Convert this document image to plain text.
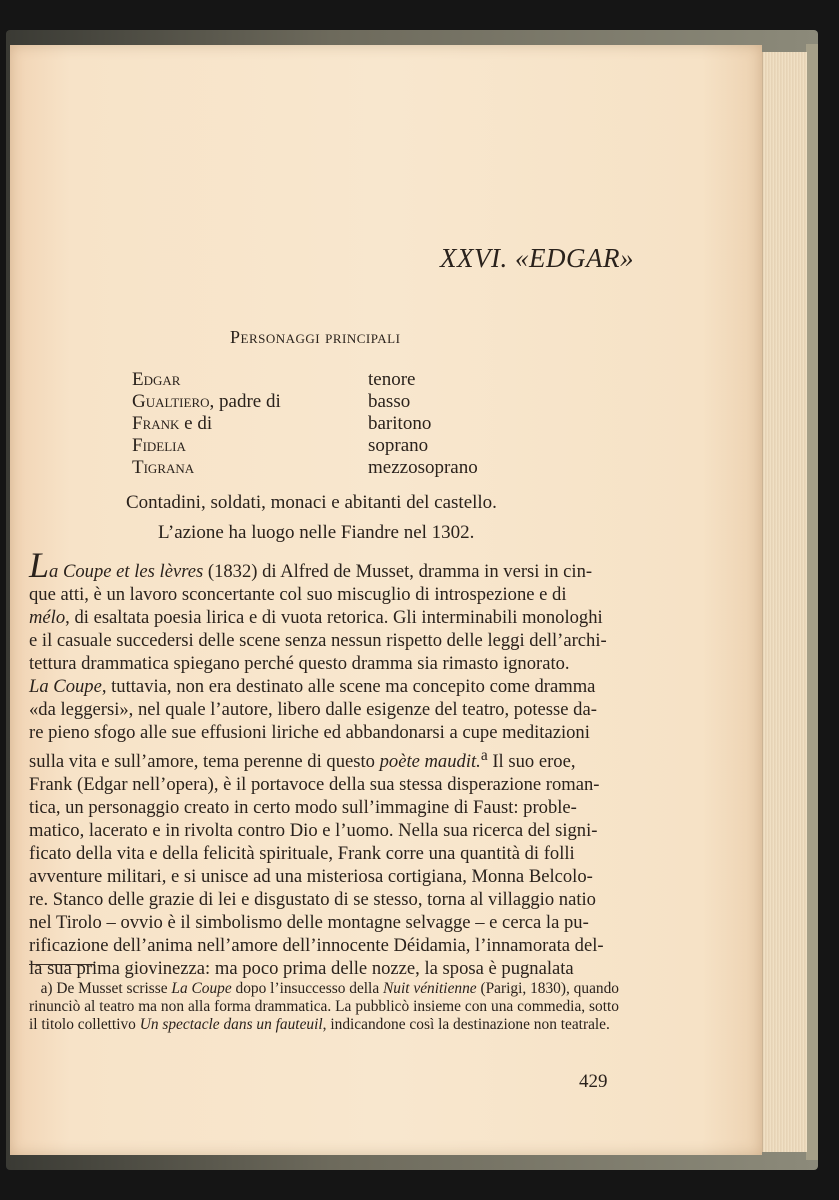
XXVI. «EDGAR»
Personaggi principali
Edgar	tenore
Gualtiero, padre di	basso
Frank e di	baritono
Fidelia	soprano
Tigrana	mezzosoprano
Contadini, soldati, monaci e abitanti del castello.
L’azione ha luogo nelle Fiandre nel 1302.
La Coupe et les lèvres (1832) di Alfred de Musset, dramma in versi in cin-
que atti, è un lavoro sconcertante col suo miscuglio di introspezione e di
mélo, di esaltata poesia lirica e di vuota retorica. Gli interminabili monologhi
e il casuale succedersi delle scene senza nessun rispetto delle leggi dell’archi-
tettura drammatica spiegano perché questo dramma sia rimasto ignorato.
La Coupe, tuttavia, non era destinato alle scene ma concepito come dramma
«da leggersi», nel quale l’autore, libero dalle esigenze del teatro, potesse da-
re pieno sfogo alle sue effusioni liriche ed abbandonarsi a cupe meditazioni
sulla vita e sull’amore, tema perenne di questo poète maudit.$^a$ Il suo eroe,
Frank (Edgar nell’opera), è il portavoce della sua stessa disperazione roman-
tica, un personaggio creato in certo modo sull’immagine di Faust: proble-
matico, lacerato e in rivolta contro Dio e l’uomo. Nella sua ricerca del signi-
ficato della vita e della felicità spirituale, Frank corre una quantità di folli
avventure militari, e si unisce ad una misteriosa cortigiana, Monna Belcolo-
re. Stanco delle grazie di lei e disgustato di se stesso, torna al villaggio natio
nel Tirolo – ovvio è il simbolismo delle montagne selvagge – e cerca la pu-
rificazione dell’anima nell’amore dell’innocente Déidamia, l’innamorata del-
la sua prima giovinezza: ma poco prima delle nozze, la sposa è pugnalata
a) De Musset scrisse La Coupe dopo l’insuccesso della Nuit vénitienne (Parigi, 1830), quando rinunciò al teatro ma non alla forma drammatica. La pubblicò insieme con una commedia, sotto il titolo collettivo Un spectacle dans un fauteuil, indicandone così la destinazione non teatrale.
429
